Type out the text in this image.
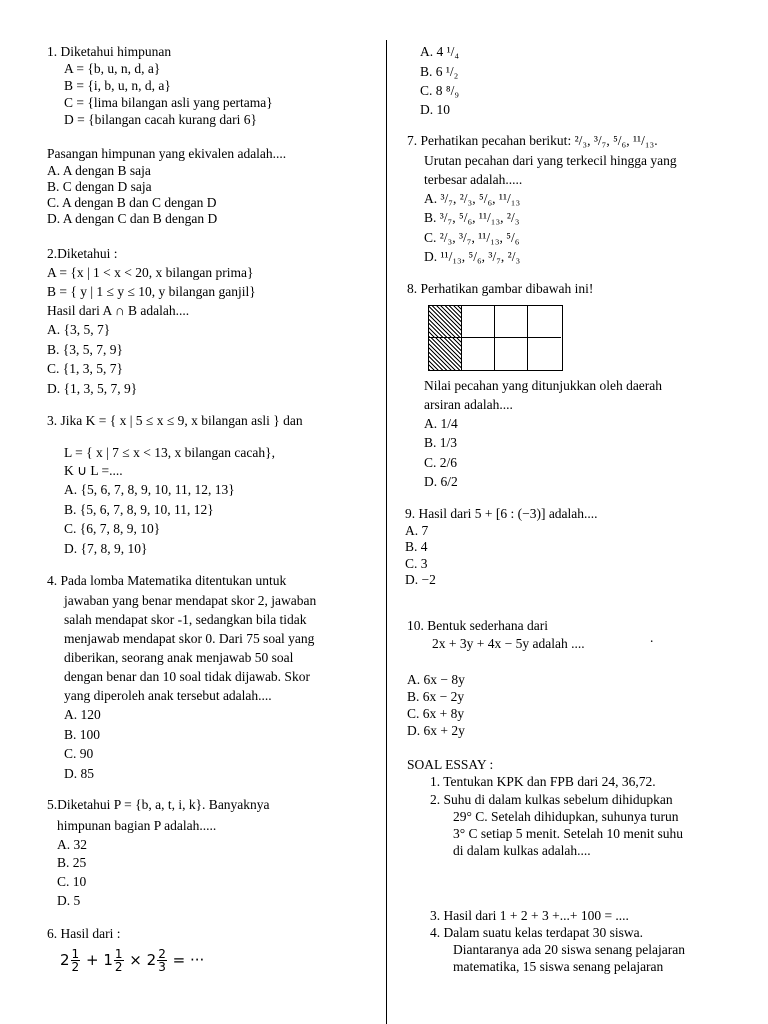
1. Diketahui himpunan
A = {b, u, n, d, a}
B = {i, b, u, n, d, a}
C = {lima bilangan asli yang pertama}
D = {bilangan cacah kurang dari 6}
Pasangan himpunan yang ekivalen adalah....
A. A dengan B saja
B. C dengan D saja
C. A dengan B dan C dengan D
D. A dengan C dan B dengan D
2.Diketahui :
A = {x | 1 < x < 20, x bilangan prima}
B = { y | 1 ≤ y ≤ 10, y bilangan ganjil}
Hasil dari A ∩ B adalah....
A. {3, 5, 7}
B. {3, 5, 7, 9}
C. {1, 3, 5, 7}
D. {1, 3, 5, 7, 9}
3. Jika K = { x | 5 ≤ x ≤ 9, x bilangan asli } dan
L = { x | 7 ≤ x < 13, x bilangan cacah},
K ∪ L =....
A. {5, 6, 7, 8, 9, 10, 11, 12, 13}
B. {5, 6, 7, 8, 9, 10, 11, 12}
C. {6, 7, 8, 9, 10}
D. {7, 8, 9, 10}
4. Pada lomba Matematika ditentukan untuk
jawaban yang benar mendapat skor 2, jawaban
salah mendapat skor -1, sedangkan bila tidak
menjawab mendapat skor 0. Dari 75 soal yang
diberikan, seorang anak menjawab 50 soal
dengan benar dan 10 soal tidak dijawab. Skor
yang diperoleh anak tersebut adalah....
A. 120
B. 100
C. 90
D. 85
5.Diketahui P = {b, a, t, i, k}. Banyaknya
himpunan bagian P adalah.....
A. 32
B. 25
C. 10
D. 5
6. Hasil dari :
A. 4 ¹/₄
B. 6 ¹/₂
C. 8 ⁸/₉
D. 10
7. Perhatikan pecahan berikut: ²/₃, ³/₇, ⁵/₆, ¹¹/₁₃.
Urutan pecahan dari yang terkecil hingga yang
terbesar adalah.....
A. ³/₇, ²/₃, ⁵/₆, ¹¹/₁₃
B. ³/₇, ⁵/₆, ¹¹/₁₃, ²/₃
C. ²/₃, ³/₇, ¹¹/₁₃, ⁵/₆
D. ¹¹/₁₃, ⁵/₆, ³/₇, ²/₃
8. Perhatikan gambar dibawah ini!
Nilai pecahan yang ditunjukkan oleh daerah
arsiran adalah....
A. 1/4
B. 1/3
C. 2/6
D. 6/2
9. Hasil dari 5 + [6 : (−3)] adalah....
A. 7
B. 4
C. 3
D. −2
10. Bentuk sederhana dari
2x + 3y + 4x − 5y adalah ....	.
A. 6x − 8y
B. 6x − 2y
C. 6x + 8y
D. 6x + 2y
SOAL ESSAY :
1. Tentukan KPK dan FPB dari 24, 36,72.
2. Suhu di dalam kulkas sebelum dihidupkan
29° C. Setelah dihidupkan, suhunya turun
3° C setiap 5 menit. Setelah 10 menit suhu
di dalam kulkas adalah....
3. Hasil dari 1 + 2 + 3 +...+ 100 = ....
4. Dalam suatu kelas terdapat 30 siswa.
Diantaranya ada 20 siswa senang pelajaran
matematika, 15 siswa senang pelajaran
$2 \frac{1}{2} + 1 \frac{1}{2} \times 2 \frac{2}{3}$ = ···
